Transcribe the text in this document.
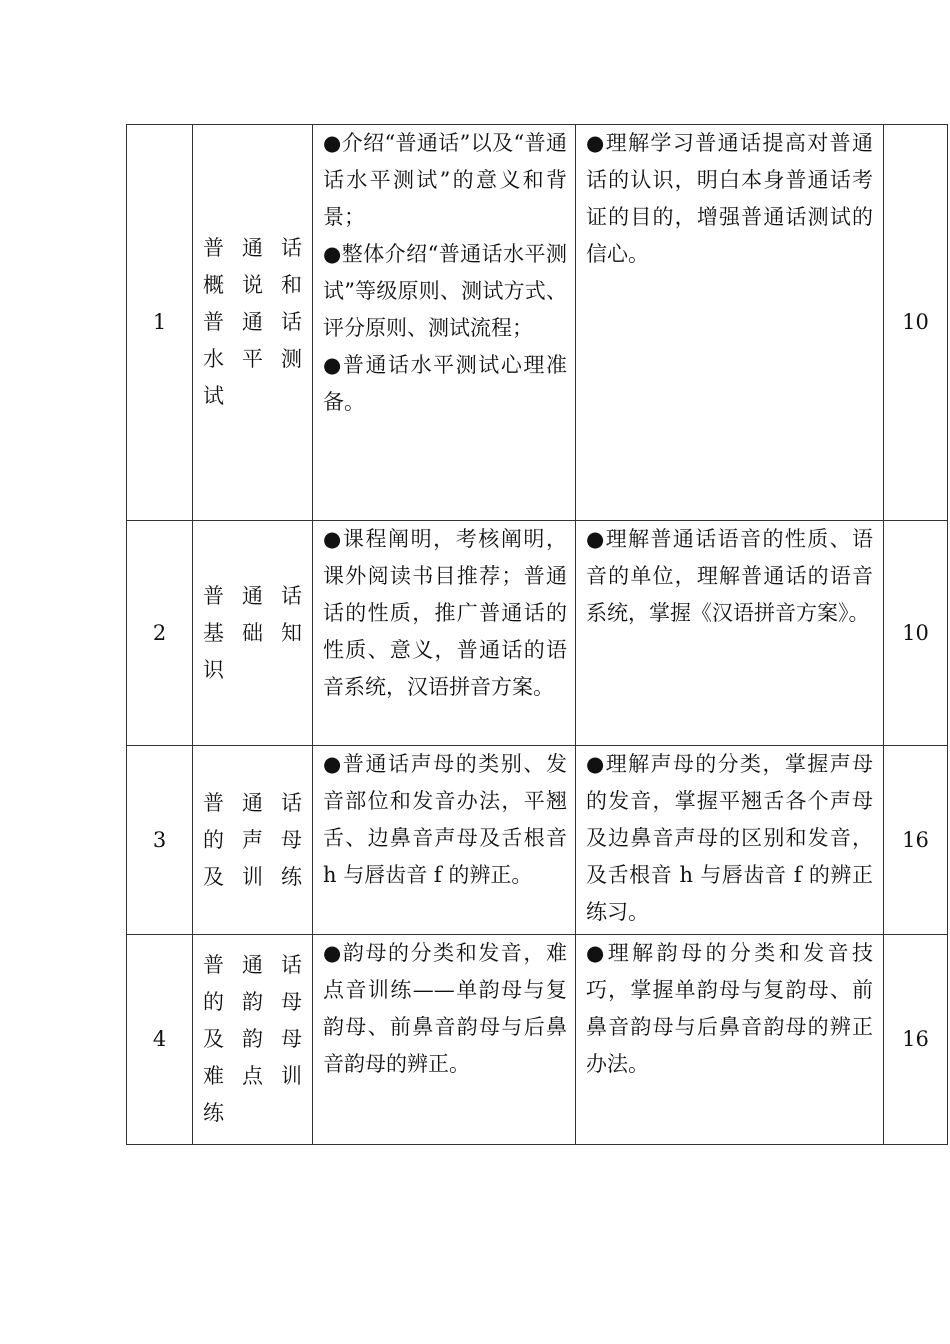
1	普通话
概说和
普通话
水平测
试	●介绍“普通话”以及“普通话水平测试”的意义和背景；
●整体介绍“普通话水平测试”等级原则、测试方式、评分原则、测试流程；
●普通话水平测试心理准备。	●理解学习普通话提高对普通话的认识，明白本身普通话考证的目的，增强普通话测试的信心。	10
2	普通话
基础知
识	●课程阐明，考核阐明，课外阅读书目推荐；普通话的性质，推广普通话的性质、意义，普通话的语音系统，汉语拼音方案。	●理解普通话语音的性质、语音的单位，理解普通话的语音系统，掌握《汉语拼音方案》。	10
3	普通话
的声母
及训练	●普通话声母的类别、发音部位和发音办法，平翘舌、边鼻音声母及舌根音 h 与唇齿音 f 的辨正。	●理解声母的分类，掌握声母的发音，掌握平翘舌各个声母及边鼻音声母的区别和发音，及舌根音 h 与唇齿音 f 的辨正练习。	16
4	普通话
的韵母
及韵母
难点训
练	●韵母的分类和发音，难点音训练——单韵母与复韵母、前鼻音韵母与后鼻音韵母的辨正。	●理解韵母的分类和发音技巧，掌握单韵母与复韵母、前鼻音韵母与后鼻音韵母的辨正办法。	16
